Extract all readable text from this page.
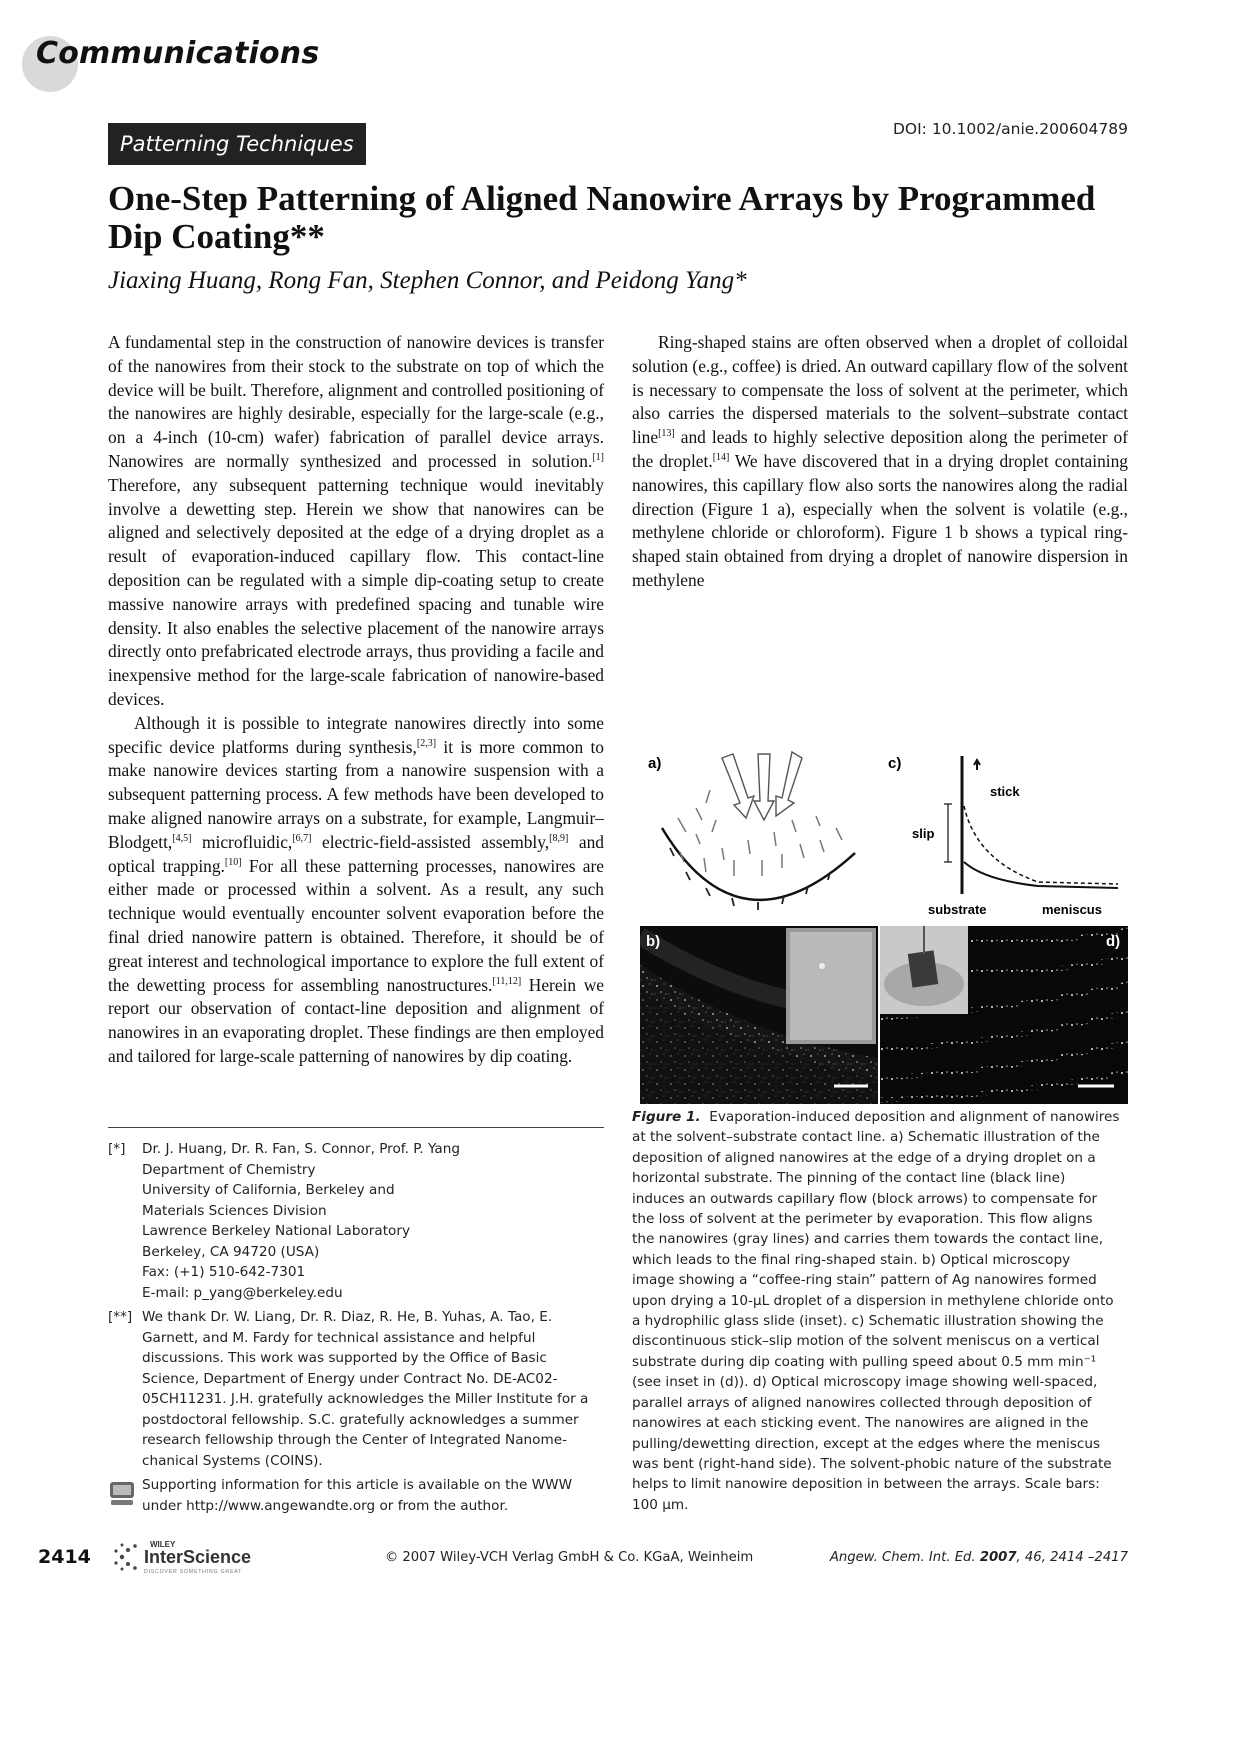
Communications
Patterning Techniques
DOI: 10.1002/anie.200604789
One-Step Patterning of Aligned Nanowire Arrays by Programmed Dip Coating**
Jiaxing Huang, Rong Fan, Stephen Connor, and Peidong Yang*

A fundamental step in the construction of nanowire devices is transfer of the nanowires from their stock to the substrate on top of which the device will be built. Therefore, alignment and controlled positioning of the nanowires are highly desirable, especially for the large-scale (e.g., on a 4-inch (10-cm) wafer) fabrication of parallel device arrays. Nanowires are normally synthesized and processed in solution.[1] Therefore, any subsequent patterning technique would inevitably involve a dewetting step. Herein we show that nanowires can be aligned and selectively deposited at the edge of a drying droplet as a result of evaporation-induced capillary flow. This contact-line deposition can be regulated with a simple dip-coating setup to create massive nanowire arrays with predefined spacing and tunable wire density. It also enables the selective placement of the nanowire arrays directly onto prefabricated electrode arrays, thus providing a facile and inexpensive method for the large-scale fabrication of nanowire-based devices.

Although it is possible to integrate nanowires directly into some specific device platforms during synthesis,[2,3] it is more common to make nanowire devices starting from a nanowire suspension with a subsequent patterning process. A few methods have been developed to make aligned nanowire arrays on a substrate, for example, Langmuir–Blodgett,[4,5] microfluidic,[6,7] electric-field-assisted assembly,[8,9] and optical trapping.[10] For all these patterning processes, nanowires are either made or processed within a solvent. As a result, any such technique would eventually encounter solvent evaporation before the final dried nanowire pattern is obtained. Therefore, it should be of great interest and technological importance to explore the full extent of the dewetting process for assembling nanostructures.[11,12] Herein we report our observation of contact-line deposition and alignment of nanowires in an evaporating droplet. These findings are then employed and tailored for large-scale patterning of nanowires by dip coating.

[*]	Dr. J. Huang, Dr. R. Fan, S. Connor, Prof. P. Yang
Department of Chemistry
University of California, Berkeley and
Materials Sciences Division
Lawrence Berkeley National Laboratory
Berkeley, CA 94720 (USA)
Fax: (+1) 510-642-7301
E-mail: p_yang@berkeley.edu
[**] We thank Dr. W. Liang, Dr. R. Diaz, R. He, B. Yuhas, A. Tao, E.
Garnett, and M. Fardy for technical assistance and helpful
discussions. This work was supported by the Office of Basic
Science, Department of Energy under Contract No. DE-AC02-
05CH11231. J.H. gratefully acknowledges the Miller Institute for a
postdoctoral fellowship. S.C. gratefully acknowledges a summer
research fellowship through the Center of Integrated Nanome-
chanical Systems (COINS).
Supporting information for this article is available on the WWW
under http://www.angewandte.org or from the author.

Ring-shaped stains are often observed when a droplet of colloidal solution (e.g., coffee) is dried. An outward capillary flow of the solvent is necessary to compensate the loss of solvent at the perimeter, which also carries the dispersed materials to the solvent–substrate contact line[13] and leads to highly selective deposition along the perimeter of the droplet.[14] We have discovered that in a drying droplet containing nanowires, this capillary flow also sorts the nanowires along the radial direction (Figure 1 a), especially when the solvent is volatile (e.g., methylene chloride or chloroform). Figure 1 b shows a typical ring-shaped stain obtained from drying a droplet of nanowire dispersion in methylene

a)	c)
stick
slip
substrate	meniscus
b)	d)
Figure 1. Evaporation-induced deposition and alignment of nanowires
at the solvent–substrate contact line. a) Schematic illustration of the
deposition of aligned nanowires at the edge of a drying droplet on a
horizontal substrate. The pinning of the contact line (black line)
induces an outwards capillary flow (block arrows) to compensate for
the loss of solvent at the perimeter by evaporation. This flow aligns
the nanowires (gray lines) and carries them towards the contact line,
which leads to the final ring-shaped stain. b) Optical microscopy
image showing a “coffee-ring stain” pattern of Ag nanowires formed
upon drying a 10-μL droplet of a dispersion in methylene chloride onto
a hydrophilic glass slide (inset). c) Schematic illustration showing the
discontinuous stick–slip motion of the solvent meniscus on a vertical
substrate during dip coating with pulling speed about 0.5 mm min⁻¹
(see inset in (d)). d) Optical microscopy image showing well-spaced,
parallel arrays of aligned nanowires collected through deposition of
nanowires at each sticking event. The nanowires are aligned in the
pulling/dewetting direction, except at the edges where the meniscus
was bent (right-hand side). The solvent-phobic nature of the substrate
helps to limit nanowire deposition in between the arrays. Scale bars:
100 μm.
2414
WILEY
InterScience
DISCOVER SOMETHING GREAT
© 2007 Wiley-VCH Verlag GmbH & Co. KGaA, Weinheim	Angew. Chem. Int. Ed. 2007, 46, 2414 –2417
